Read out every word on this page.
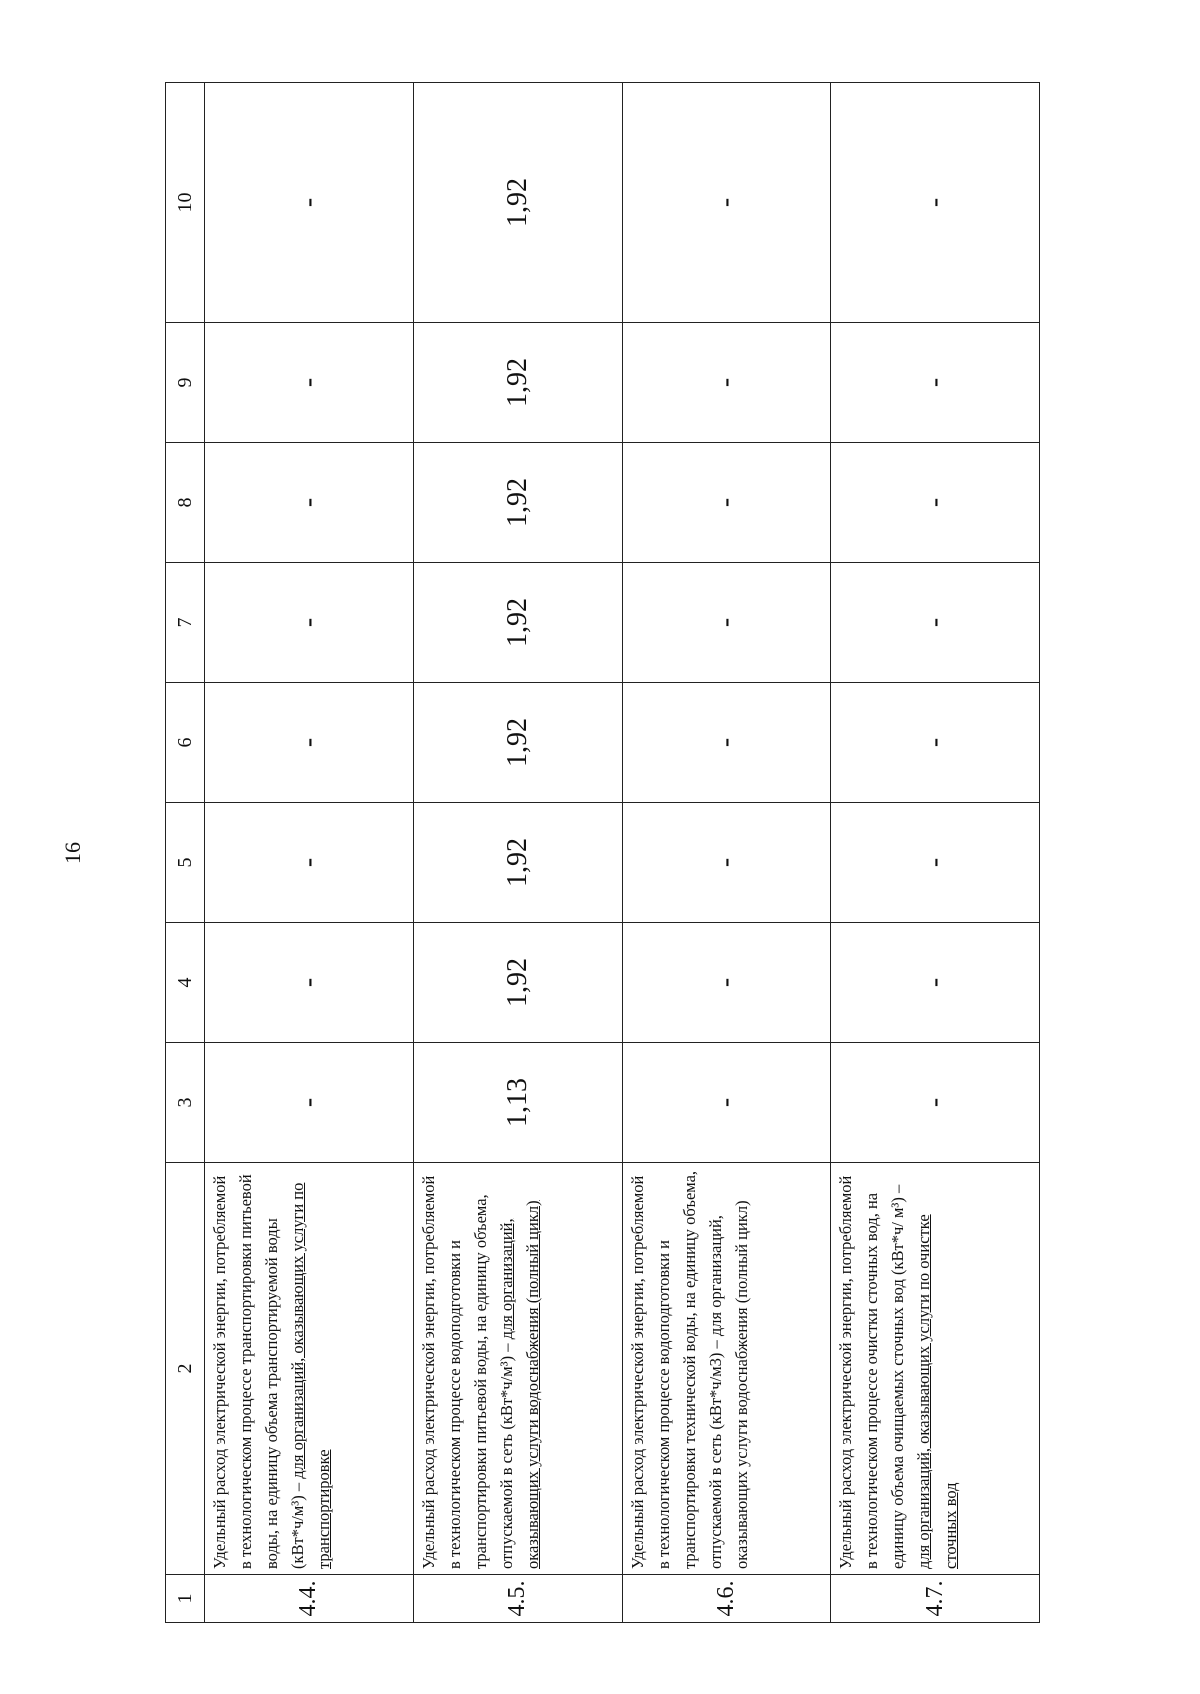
16
1	2	3	4	5	6	7	8	9	10
4.4.	Удельный расход электрической энергии, потребляемой в технологическом процессе транспортировки питьевой воды, на единицу объема транспортируемой воды (кВт*ч/м³) – для организаций, оказывающих услуги по транспортировке	-	-	-	-	-	-	-	-
4.5.	Удельный расход электрической энергии, потребляемой в технологическом процессе водоподготовки и транспортировки питьевой воды, на единицу объема, отпускаемой в сеть (кВт*ч/м³) – для организаций, оказывающих услуги водоснабжения (полный цикл)	1,13	1,92	1,92	1,92	1,92	1,92	1,92	1,92
4.6.	Удельный расход электрической энергии, потребляемой в технологическом процессе водоподготовки и транспортировки технической воды, на единицу объема, отпускаемой в сеть (кВт*ч/м3) – для организаций, оказывающих услуги водоснабжения (полный цикл)	-	-	-	-	-	-	-	-
4.7.	Удельный расход электрической энергии, потребляемой в технологическом процессе очистки сточных вод, на единицу объема очищаемых сточных вод (кВт*ч/ м³) – для организаций, оказывающих услуги по очистке сточных вод	-	-	-	-	-	-	-	-
